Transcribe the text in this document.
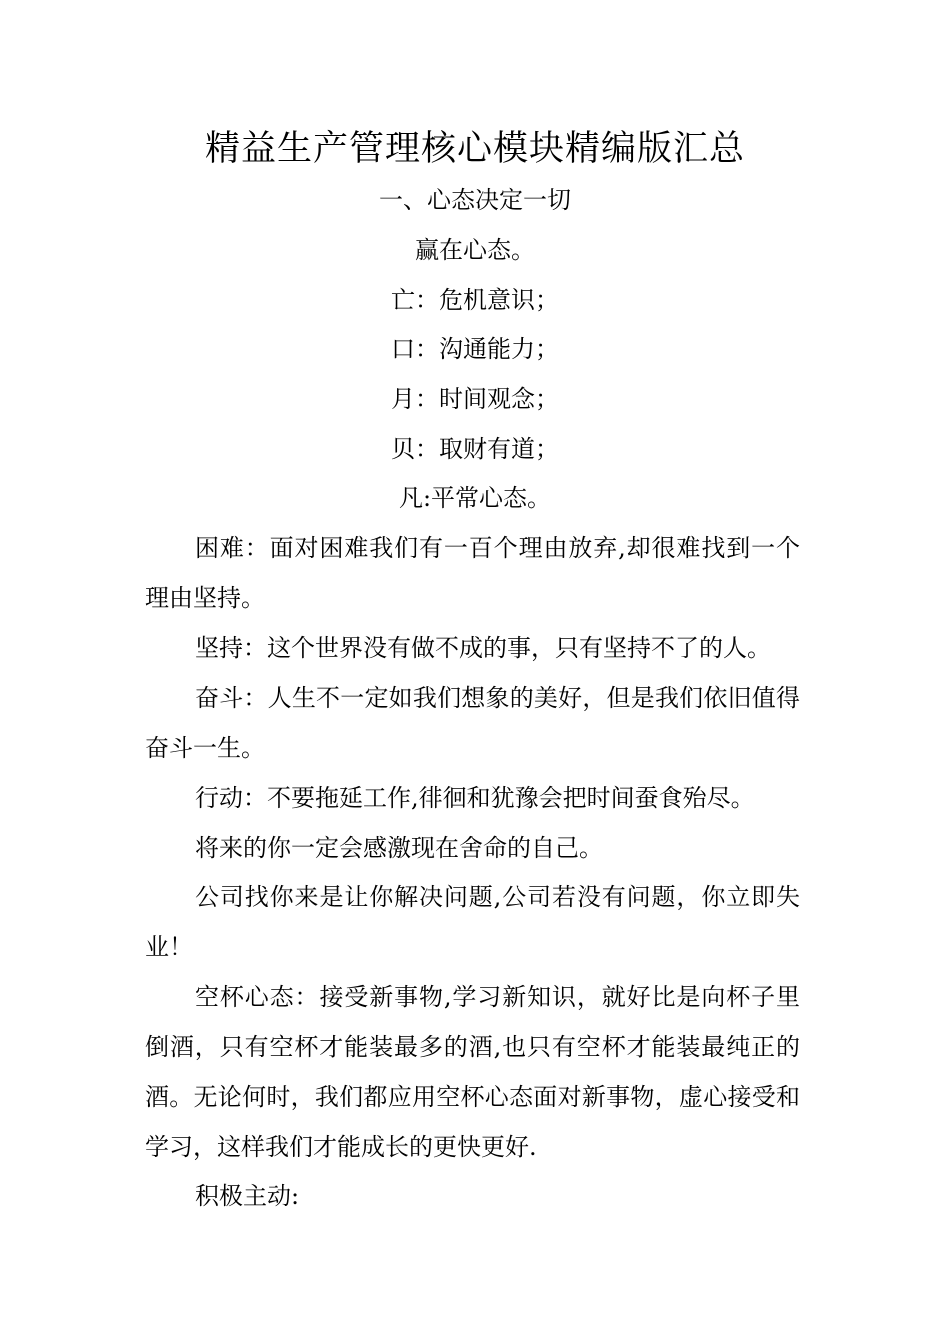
精益生产管理核心模块精编版汇总

一、心态决定一切

赢在心态。

亡：危机意识；

口：沟通能力；

月：时间观念；

贝：取财有道；

凡:平常心态。

困难：面对困难我们有一百个理由放弃,却很难找到一个理由坚持。

坚持：这个世界没有做不成的事，只有坚持不了的人。

奋斗：人生不一定如我们想象的美好，但是我们依旧值得奋斗一生。

行动：不要拖延工作,徘徊和犹豫会把时间蚕食殆尽。

将来的你一定会感激现在舍命的自己。

公司找你来是让你解决问题,公司若没有问题，你立即失业！

空杯心态：接受新事物,学习新知识，就好比是向杯子里倒酒，只有空杯才能装最多的酒,也只有空杯才能装最纯正的酒。无论何时，我们都应用空杯心态面对新事物，虚心接受和学习，这样我们才能成长的更快更好.

积极主动:
